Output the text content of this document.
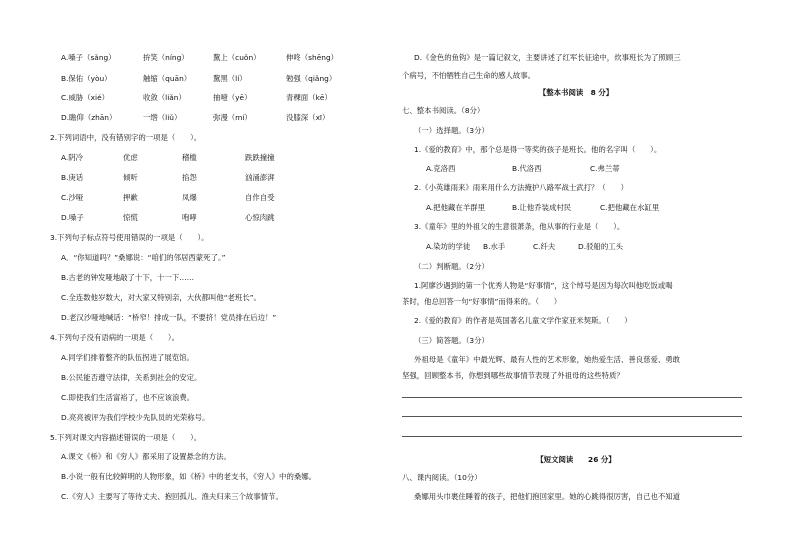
A.嗓子（sǎng）	拚笑（níng）	黧上（cuǒn）	伸咚（shēng）
B.保佑（yòu）	触缩（quān）	黧黑（lí）	勉强（qiǎng）
C.威胁（xié）	收敛（liǎn）	抽噎（yē）	青稞面（kē）
D.瞻仰（zhān）	一绺（liǔ）	弥漫（mí）	没膝深（xī）
2.下列词语中，没有错别字的一项是（　　）。
A.阴冷	优虑	稽槛	跌跌撞撞
B.庚话	倾听	掐怨	汹涌澎湃
C.沙哑	押歉	凤爆	自作自受
D.嗓子	惊慌	咆哮	心惊肉跳
3.下列句子标点符号使用错误的一项是（　　）。
A．“你知道吗？”桑娜说：“咱们的邻居西蒙死了。”
B.古老的钟发哑地敲了十下，十一下……
C.全连数他岁数大，对大家又特别亲，大伙都叫他“老班长”。
D.老汉沙哑地喊话：“桥窄！排成一队，不要挤！党员排在后边！”
4.下列句子没有语病的一项是（　　）。
A.同学们排着整齐的队伍拐进了展览馆。
B.公民能否遵守法律，关系到社会的安定。
C.即使我们生活富裕了，也不应该浪费。
D.亮亮被评为我们学校少先队员的光荣称号。
5.下列对课文内容描述错误的一项是（　　）。
A.课文《桥》和《穷人》都采用了设置悬念的方法。
B.小说一般有比较鲜明的人物形象，如《桥》中的老支书，《穷人》中的桑娜。
C.《穷人》主要写了等待丈夫、抱回孤儿、渔夫归来三个故事情节。
D.《金色的鱼钩》是一篇记叙文，主要讲述了红军长征途中，炊事班长为了照顾三
个病号，不怕牺牲自己生命的感人故事。
【整本书阅读　8 分】
七、整本书阅读。（8分）
（一）选择题。（3分）
1.《爱的教育》中，那个总是得一等奖的孩子是班长。他的名字叫（　　）。
A.克洛西	B.代洛西	C.弗兰蒂
2.《小英雄雨来》雨来用什么方法掩护八路军战士武打？（　　）
A.把他藏在羊群里	B.让他乔装成村民	C.把他藏在水缸里
3.《童年》里的外祖父的生意很萧条，他从事的行业是（　　）。
A.染坊的学徒 B.水手	C.纤夫	D.驳船的工头
（二）判断题。（2分）
1.阿廖沙遇到的第一个优秀人物是“好事情”，这个绰号是因为每次叫他吃饭或喝
茶时，他总回答一句“好事情”而得来的。（　　）
2.《爱的教育》的作者是英国著名儿童文学作家亚米契斯。（　　）
（三）简答题。（3分）
外祖母是《童年》中最光辉、最有人性的艺术形象，她热爱生活、善良慈爱、勇敢
坚强，回顾整本书，你想到哪些故事情节表现了外祖母的这些特质？
【短文阅读　　26 分】
八、课内阅读。（10分）
桑娜用头巾裹住睡着的孩子，把他们抱回家里。她的心跳得很厉害，自己也不知道
